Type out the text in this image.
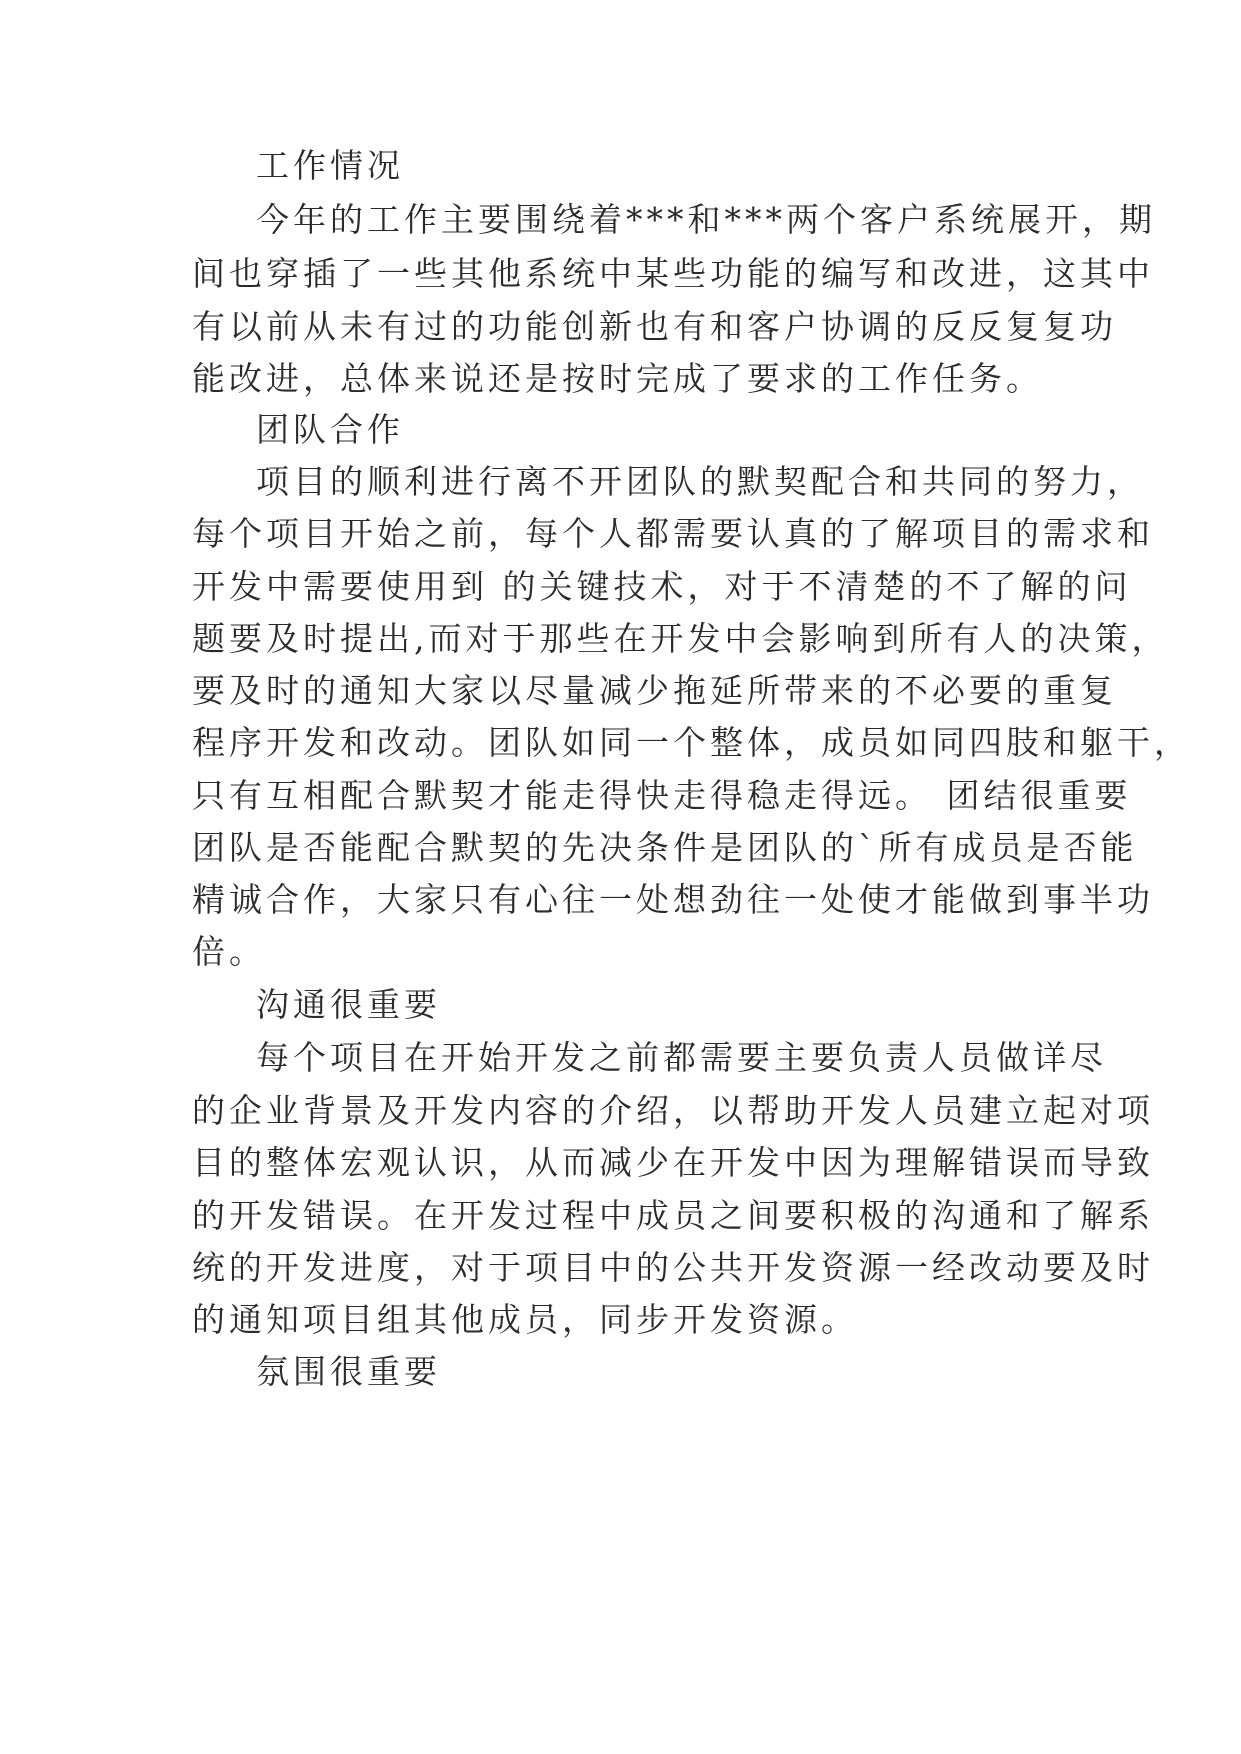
工作情况
今年的工作主要围绕着***和***两个客户系统展开，期
间也穿插了一些其他系统中某些功能的编写和改进，这其中
有以前从未有过的功能创新也有和客户协调的反反复复功
能改进，总体来说还是按时完成了要求的工作任务。
团队合作
项目的顺利进行离不开团队的默契配合和共同的努力，
每个项目开始之前，每个人都需要认真的了解项目的需求和
开发中需要使用到 的关键技术，对于不清楚的不了解的问
题要及时提出,而对于那些在开发中会影响到所有人的决策，
要及时的通知大家以尽量减少拖延所带来的不必要的重复
程序开发和改动。团队如同一个整体，成员如同四肢和躯干，
只有互相配合默契才能走得快走得稳走得远。 团结很重要
团队是否能配合默契的先决条件是团队的`所有成员是否能
精诚合作，大家只有心往一处想劲往一处使才能做到事半功
倍。
沟通很重要
每个项目在开始开发之前都需要主要负责人员做详尽
的企业背景及开发内容的介绍，以帮助开发人员建立起对项
目的整体宏观认识，从而减少在开发中因为理解错误而导致
的开发错误。在开发过程中成员之间要积极的沟通和了解系
统的开发进度，对于项目中的公共开发资源一经改动要及时
的通知项目组其他成员，同步开发资源。
氛围很重要
